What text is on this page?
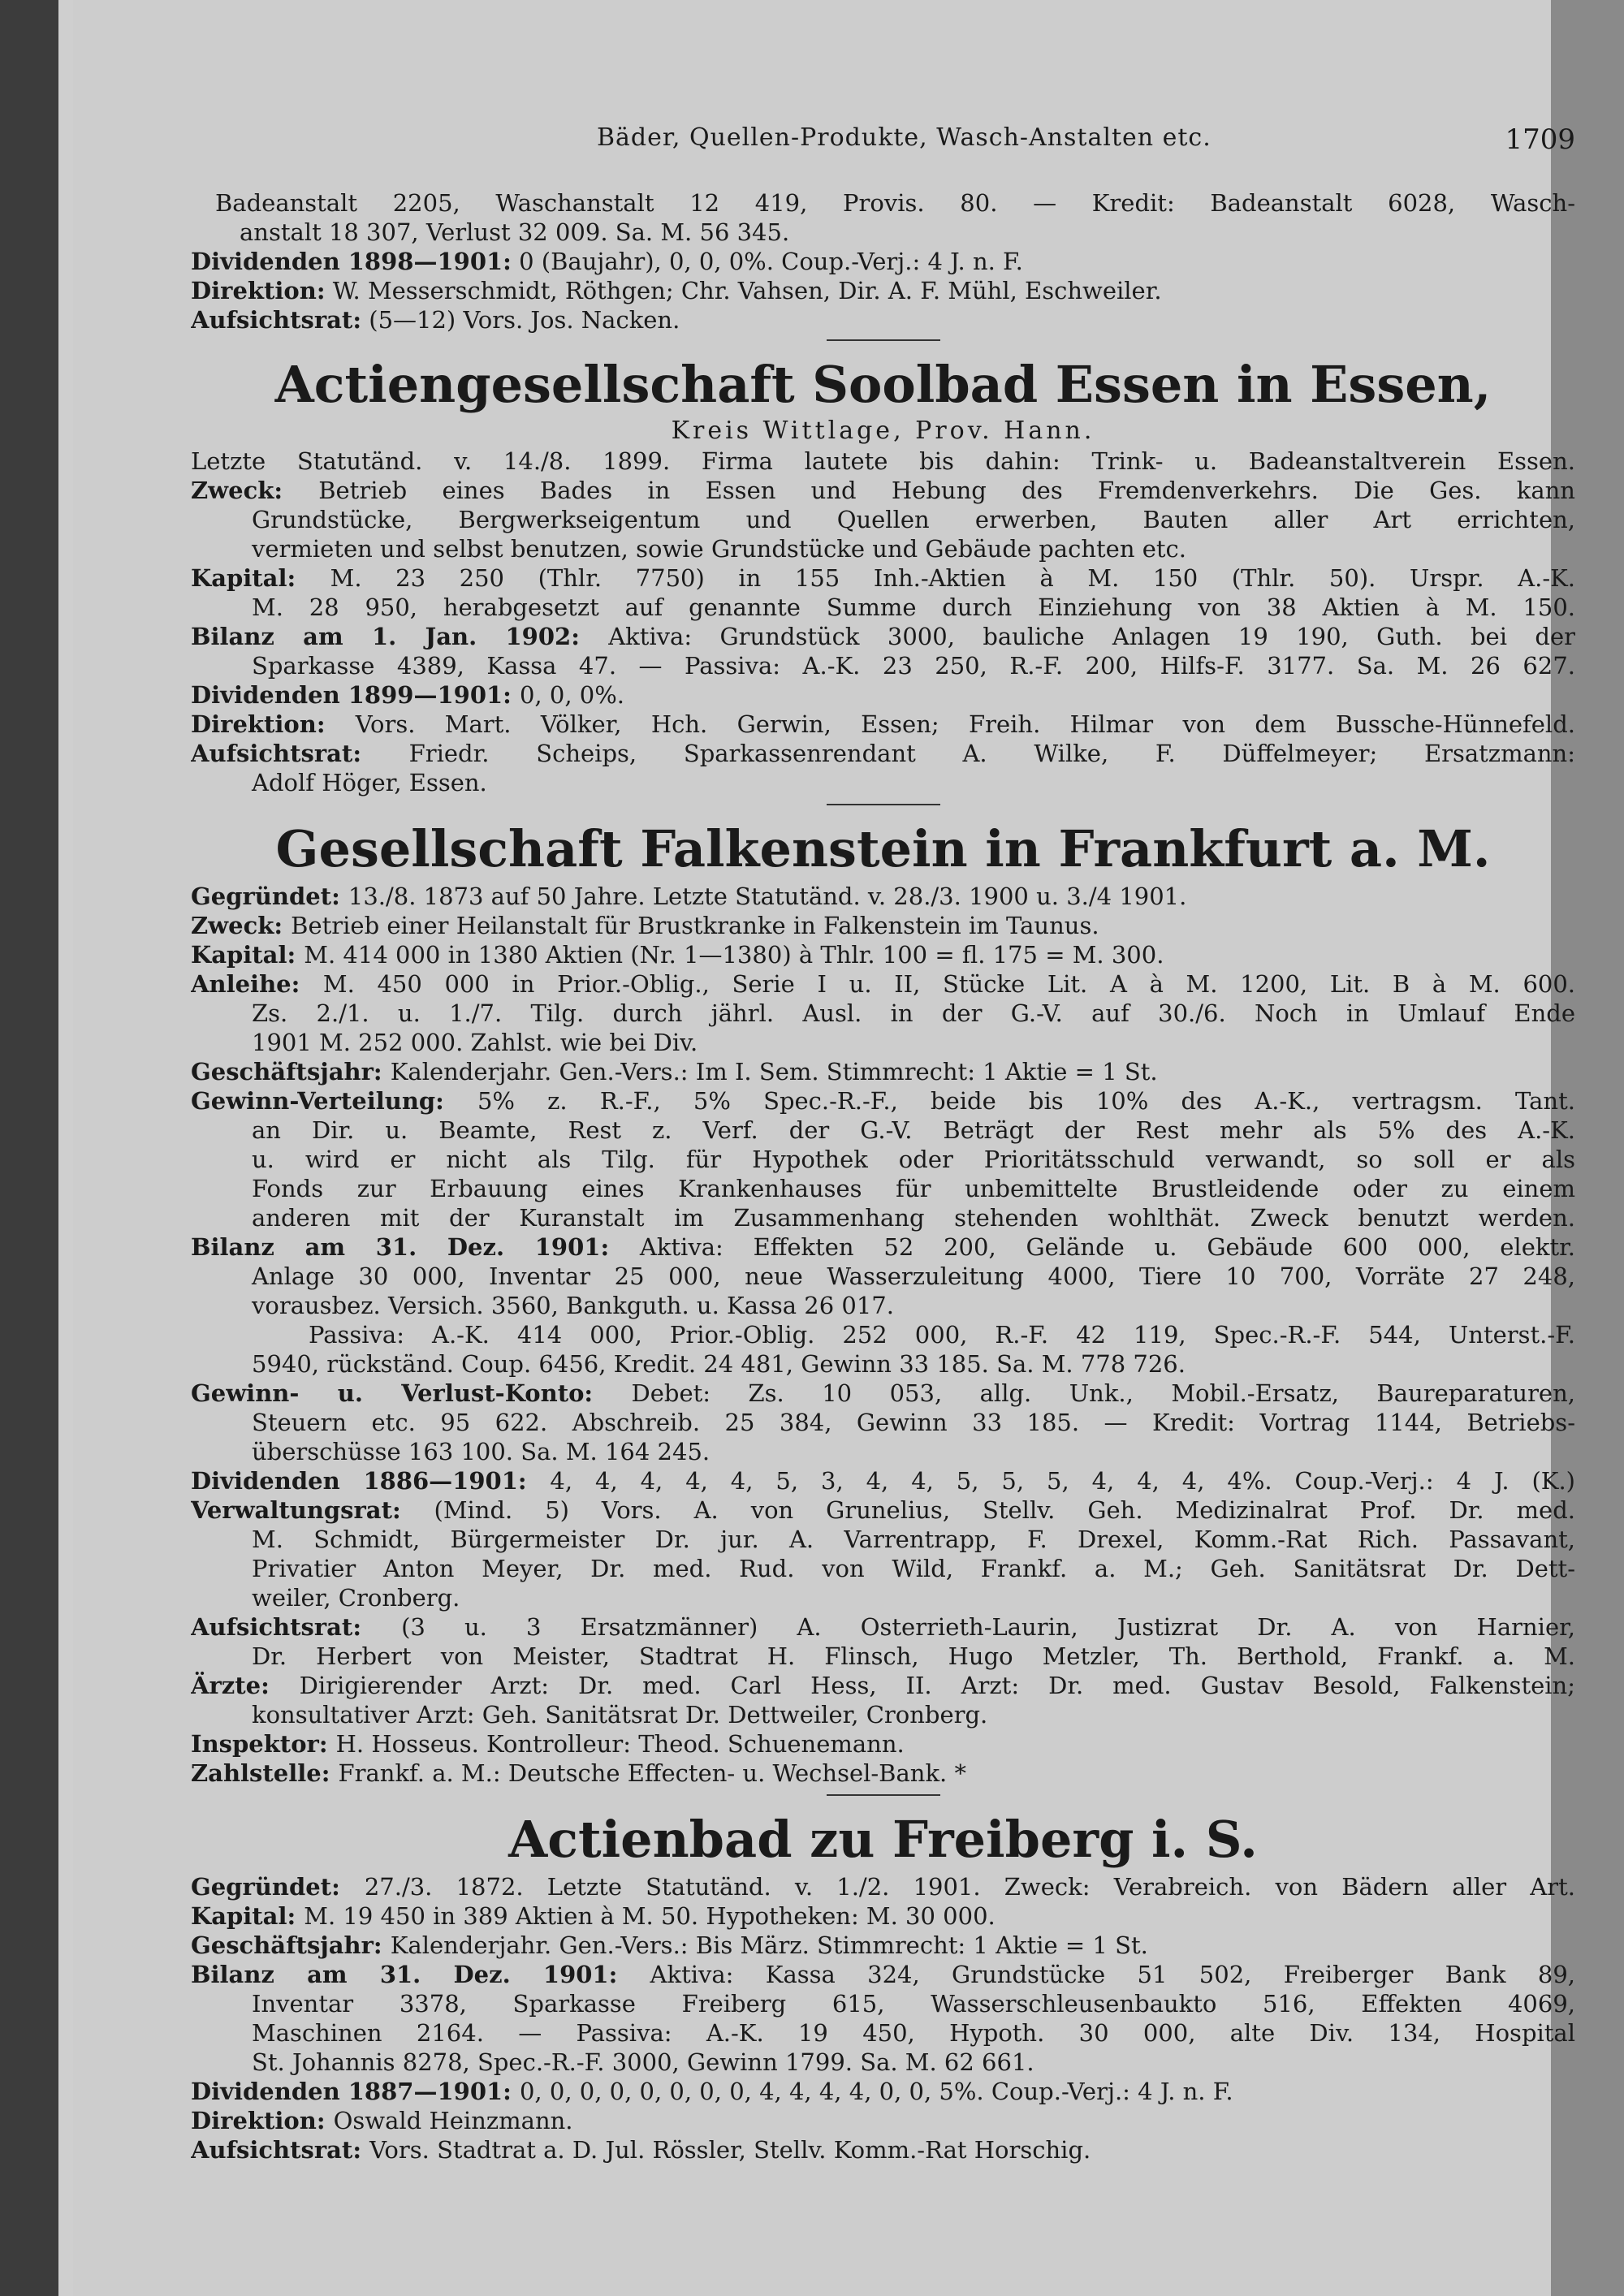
Bäder, Quellen-Produkte, Wasch-Anstalten etc.	1709

Badeanstalt 2205, Waschanstalt 12 419, Provis. 80. — Kredit: Badeanstalt 6028, Wasch-

anstalt 18 307, Verlust 32 009. Sa. M. 56 345.

Dividenden 1898—1901: 0 (Baujahr), 0, 0, 0%. Coup.-Verj.: 4 J. n. F.

Direktion: W. Messerschmidt, Röthgen; Chr. Vahsen, Dir. A. F. Mühl, Eschweiler.

Aufsichtsrat: (5—12) Vors. Jos. Nacken.

Actiengesellschaft Soolbad Essen in Essen,

Kreis Wittlage, Prov. Hann.

Letzte Statutänd. v. 14./8. 1899. Firma lautete bis dahin: Trink- u. Badeanstaltverein Essen.

Zweck: Betrieb eines Bades in Essen und Hebung des Fremdenverkehrs. Die Ges. kann

Grundstücke, Bergwerkseigentum und Quellen erwerben, Bauten aller Art errichten,

vermieten und selbst benutzen, sowie Grundstücke und Gebäude pachten etc.

Kapital: M. 23 250 (Thlr. 7750) in 155 Inh.-Aktien à M. 150 (Thlr. 50). Urspr. A.-K.

M. 28 950, herabgesetzt auf genannte Summe durch Einziehung von 38 Aktien à M. 150.

Bilanz am 1. Jan. 1902: Aktiva: Grundstück 3000, bauliche Anlagen 19 190, Guth. bei der

Sparkasse 4389, Kassa 47. — Passiva: A.-K. 23 250, R.-F. 200, Hilfs-F. 3177. Sa. M. 26 627.

Dividenden 1899—1901: 0, 0, 0%.

Direktion: Vors. Mart. Völker, Hch. Gerwin, Essen; Freih. Hilmar von dem Bussche-Hünnefeld.

Aufsichtsrat: Friedr. Scheips, Sparkassenrendant A. Wilke, F. Düffelmeyer; Ersatzmann:

Adolf Höger, Essen.

Gesellschaft Falkenstein in Frankfurt a. M.

Gegründet: 13./8. 1873 auf 50 Jahre. Letzte Statutänd. v. 28./3. 1900 u. 3./4 1901.

Zweck: Betrieb einer Heilanstalt für Brustkranke in Falkenstein im Taunus.

Kapital: M. 414 000 in 1380 Aktien (Nr. 1—1380) à Thlr. 100 = fl. 175 = M. 300.

Anleihe: M. 450 000 in Prior.-Oblig., Serie I u. II, Stücke Lit. A à M. 1200, Lit. B à M. 600.

Zs. 2./1. u. 1./7. Tilg. durch jährl. Ausl. in der G.-V. auf 30./6. Noch in Umlauf Ende

1901 M. 252 000. Zahlst. wie bei Div.

Geschäftsjahr: Kalenderjahr. Gen.-Vers.: Im I. Sem. Stimmrecht: 1 Aktie = 1 St.

Gewinn-Verteilung: 5% z. R.-F., 5% Spec.-R.-F., beide bis 10% des A.-K., vertragsm. Tant.

an Dir. u. Beamte, Rest z. Verf. der G.-V. Beträgt der Rest mehr als 5% des A.-K.

u. wird er nicht als Tilg. für Hypothek oder Prioritätsschuld verwandt, so soll er als

Fonds zur Erbauung eines Krankenhauses für unbemittelte Brustleidende oder zu einem

anderen mit der Kuranstalt im Zusammenhang stehenden wohlthät. Zweck benutzt werden.

Bilanz am 31. Dez. 1901: Aktiva: Effekten 52 200, Gelände u. Gebäude 600 000, elektr.

Anlage 30 000, Inventar 25 000, neue Wasserzuleitung 4000, Tiere 10 700, Vorräte 27 248,

vorausbez. Versich. 3560, Bankguth. u. Kassa 26 017.

Passiva: A.-K. 414 000, Prior.-Oblig. 252 000, R.-F. 42 119, Spec.-R.-F. 544, Unterst.-F.

5940, rückständ. Coup. 6456, Kredit. 24 481, Gewinn 33 185. Sa. M. 778 726.

Gewinn- u. Verlust-Konto: Debet: Zs. 10 053, allg. Unk., Mobil.-Ersatz, Baureparaturen,

Steuern etc. 95 622. Abschreib. 25 384, Gewinn 33 185. — Kredit: Vortrag 1144, Betriebs-

überschüsse 163 100. Sa. M. 164 245.

Dividenden 1886—1901: 4, 4, 4, 4, 4, 5, 3, 4, 4, 5, 5, 5, 4, 4, 4, 4%. Coup.-Verj.: 4 J. (K.)

Verwaltungsrat: (Mind. 5) Vors. A. von Grunelius, Stellv. Geh. Medizinalrat Prof. Dr. med.

M. Schmidt, Bürgermeister Dr. jur. A. Varrentrapp, F. Drexel, Komm.-Rat Rich. Passavant,

Privatier Anton Meyer, Dr. med. Rud. von Wild, Frankf. a. M.; Geh. Sanitätsrat Dr. Dett-

weiler, Cronberg.

Aufsichtsrat: (3 u. 3 Ersatzmänner) A. Osterrieth-Laurin, Justizrat Dr. A. von Harnier,

Dr. Herbert von Meister, Stadtrat H. Flinsch, Hugo Metzler, Th. Berthold, Frankf. a. M.

Ärzte: Dirigierender Arzt: Dr. med. Carl Hess, II. Arzt: Dr. med. Gustav Besold, Falkenstein;

konsultativer Arzt: Geh. Sanitätsrat Dr. Dettweiler, Cronberg.

Inspektor: H. Hosseus. Kontrolleur: Theod. Schuenemann.

Zahlstelle: Frankf. a. M.: Deutsche Effecten- u. Wechsel-Bank. *

Actienbad zu Freiberg i. S.

Gegründet: 27./3. 1872. Letzte Statutänd. v. 1./2. 1901. Zweck: Verabreich. von Bädern aller Art.

Kapital: M. 19 450 in 389 Aktien à M. 50. Hypotheken: M. 30 000.

Geschäftsjahr: Kalenderjahr. Gen.-Vers.: Bis März. Stimmrecht: 1 Aktie = 1 St.

Bilanz am 31. Dez. 1901: Aktiva: Kassa 324, Grundstücke 51 502, Freiberger Bank 89,

Inventar 3378, Sparkasse Freiberg 615, Wasserschleusenbaukto 516, Effekten 4069,

Maschinen 2164. — Passiva: A.-K. 19 450, Hypoth. 30 000, alte Div. 134, Hospital

St. Johannis 8278, Spec.-R.-F. 3000, Gewinn 1799. Sa. M. 62 661.

Dividenden 1887—1901: 0, 0, 0, 0, 0, 0, 0, 0, 4, 4, 4, 4, 0, 0, 5%. Coup.-Verj.: 4 J. n. F.

Direktion: Oswald Heinzmann.

Aufsichtsrat: Vors. Stadtrat a. D. Jul. Rössler, Stellv. Komm.-Rat Horschig.
